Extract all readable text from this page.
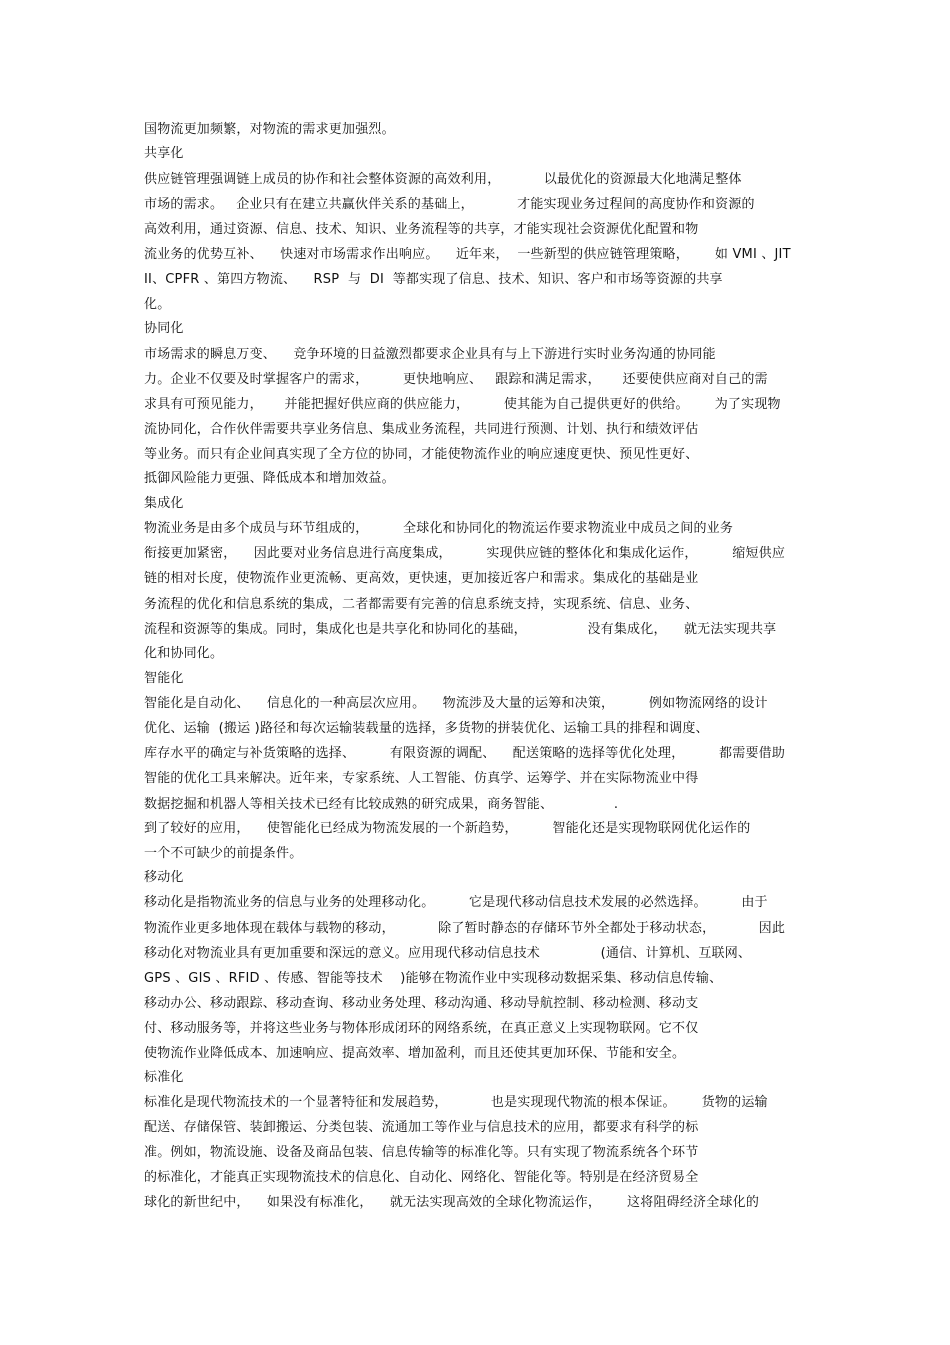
国物流更加频繁，对物流的需求更加强烈。
共享化
供应链管理强调链上成员的协作和社会整体资源的高效利用，          以最优化的资源最大化地满足整体
市场的需求。   企业只有在建立共赢伙伴关系的基础上，          才能实现业务过程间的高度协作和资源的
高效利用，通过资源、信息、技术、知识、业务流程等的共享，才能实现社会资源优化配置和物
流业务的优势互补、    快速对市场需求作出响应。    近年来，  一些新型的供应链管理策略，      如 VMI 、JIT
II、CPFR 、第四方物流、    RSP  与  DI  等都实现了信息、技术、知识、客户和市场等资源的共享
化。
协同化
市场需求的瞬息万变、    竞争环境的日益激烈都要求企业具有与上下游进行实时业务沟通的协同能
力。企业不仅要及时掌握客户的需求，        更快地响应、   跟踪和满足需求，     还要使供应商对自己的需
求具有可预见能力，     并能把握好供应商的供应能力，        使其能为自己提供更好的供给。      为了实现物
流协同化，合作伙伴需要共享业务信息、集成业务流程，共同进行预测、计划、执行和绩效评估
等业务。而只有企业间真实现了全方位的协同，才能使物流作业的响应速度更快、预见性更好、
抵御风险能力更强、降低成本和增加效益。
集成化
物流业务是由多个成员与环节组成的，        全球化和协同化的物流运作要求物流业中成员之间的业务
衔接更加紧密，    因此要对业务信息进行高度集成，        实现供应链的整体化和集成化运作，        缩短供应
链的相对长度，使物流作业更流畅、更高效，更快速，更加接近客户和需求。集成化的基础是业
务流程的优化和信息系统的集成，二者都需要有完善的信息系统支持，实现系统、信息、业务、
流程和资源等的集成。同时，集成化也是共享化和协同化的基础，              没有集成化，    就无法实现共享
化和协同化。
智能化
智能化是自动化、    信息化的一种高层次应用。    物流涉及大量的运筹和决策，        例如物流网络的设计
优化、运输  (搬运 )路径和每次运输装载量的选择，多货物的拼装优化、运输工具的排程和调度、
库存水平的确定与补货策略的选择、        有限资源的调配、    配送策略的选择等优化处理，        都需要借助
智能的优化工具来解决。近年来，专家系统、人工智能、仿真学、运筹学、并在实际物流业中得
数据挖掘和机器人等相关技术已经有比较成熟的研究成果，商务智能、              .
到了较好的应用，    使智能化已经成为物流发展的一个新趋势，        智能化还是实现物联网优化运作的
一个不可缺少的前提条件。
移动化
移动化是指物流业务的信息与业务的处理移动化。        它是现代移动信息技术发展的必然选择。        由于
物流作业更多地体现在载体与载物的移动，          除了暂时静态的存储环节外全都处于移动状态，          因此
移动化对物流业具有更加重要和深远的意义。应用现代移动信息技术              (通信、计算机、互联网、
GPS 、GIS 、RFID 、传感、智能等技术    )能够在物流作业中实现移动数据采集、移动信息传输、
移动办公、移动跟踪、移动查询、移动业务处理、移动沟通、移动导航控制、移动检测、移动支
付、移动服务等，并将这些业务与物体形成闭环的网络系统，在真正意义上实现物联网。它不仅
使物流作业降低成本、加速响应、提高效率、增加盈利，而且还使其更加环保、节能和安全。
标准化
标准化是现代物流技术的一个显著特征和发展趋势，          也是实现现代物流的根本保证。      货物的运输
配送、存储保管、装卸搬运、分类包装、流通加工等作业与信息技术的应用，都要求有科学的标
准。例如，物流设施、设备及商品包装、信息传输等的标准化等。只有实现了物流系统各个环节
的标准化，才能真正实现物流技术的信息化、自动化、网络化、智能化等。特别是在经济贸易全
球化的新世纪中，    如果没有标准化，    就无法实现高效的全球化物流运作，      这将阻碍经济全球化的
